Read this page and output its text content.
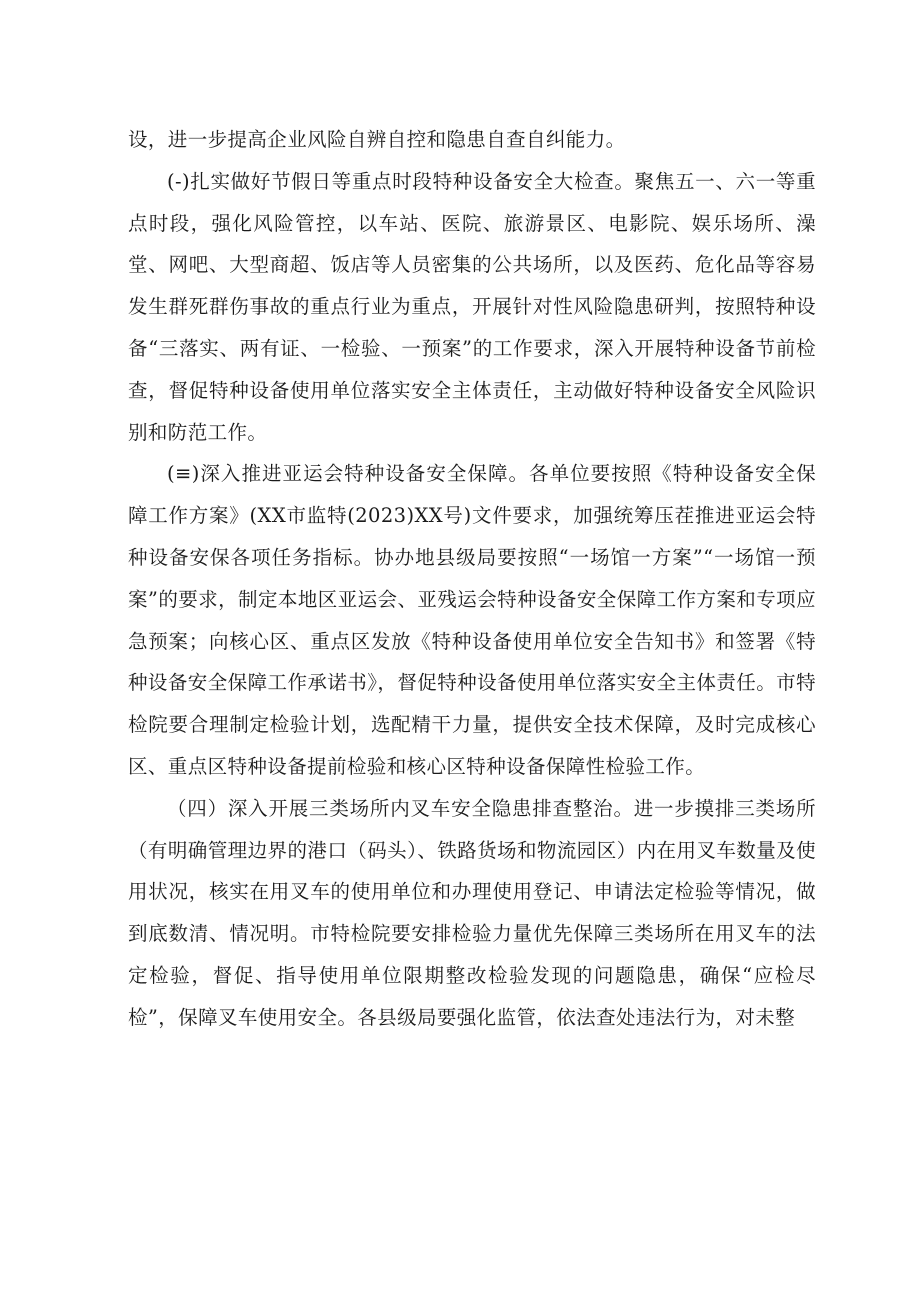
设，进一步提高企业风险自辨自控和隐患自查自纠能力。

(-)扎实做好节假日等重点时段特种设备安全大检查。聚焦五一、六一等重点时段，强化风险管控，以车站、医院、旅游景区、电影院、娱乐场所、澡堂、网吧、大型商超、饭店等人员密集的公共场所，以及医药、危化品等容易发生群死群伤事故的重点行业为重点，开展针对性风险隐患研判，按照特种设备“三落实、两有证、一检验、一预案”的工作要求，深入开展特种设备节前检查，督促特种设备使用单位落实安全主体责任，主动做好特种设备安全风险识别和防范工作。

(≡)深入推进亚运会特种设备安全保障。各单位要按照《特种设备安全保障工作方案》(XX市监特(2023)XX号)文件要求，加强统筹压茬推进亚运会特种设备安保各项任务指标。协办地县级局要按照“一场馆一方案”“一场馆一预案”的要求，制定本地区亚运会、亚残运会特种设备安全保障工作方案和专项应急预案；向核心区、重点区发放《特种设备使用单位安全告知书》和签署《特种设备安全保障工作承诺书》，督促特种设备使用单位落实安全主体责任。市特检院要合理制定检验计划，选配精干力量，提供安全技术保障，及时完成核心区、重点区特种设备提前检验和核心区特种设备保障性检验工作。

（四）深入开展三类场所内叉车安全隐患排查整治。进一步摸排三类场所（有明确管理边界的港口（码头）、铁路货场和物流园区）内在用叉车数量及使用状况，核实在用叉车的使用单位和办理使用登记、申请法定检验等情况，做到底数清、情况明。市特检院要安排检验力量优先保障三类场所在用叉车的法定检验，督促、指导使用单位限期整改检验发现的问题隐患，确保“应检尽检”，保障叉车使用安全。各县级局要强化监管，依法查处违法行为，对未整
